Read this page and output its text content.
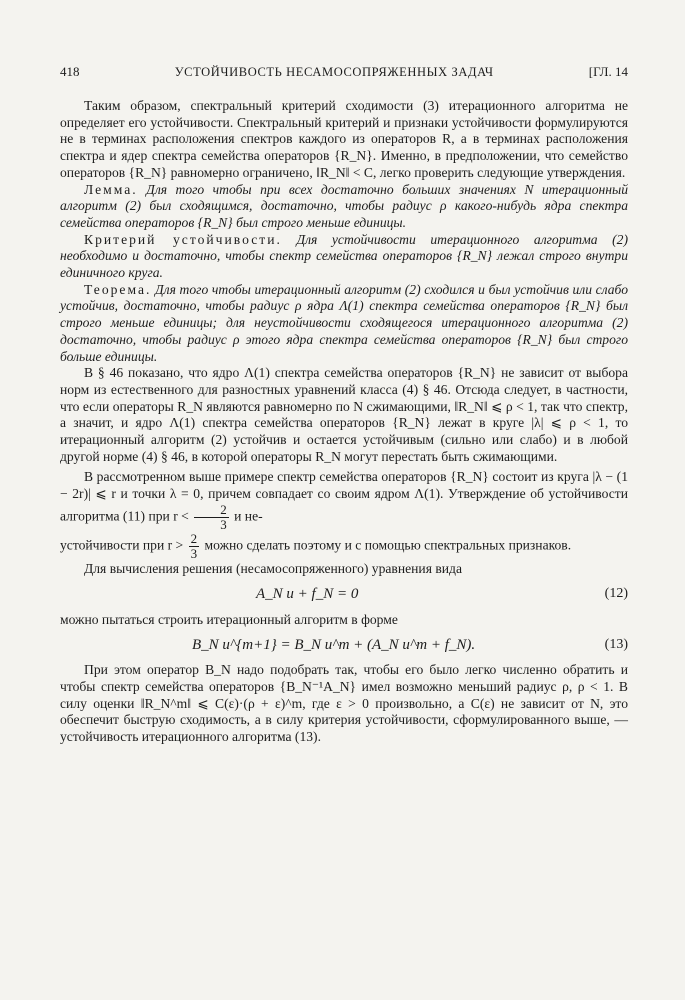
418	УСТОЙЧИВОСТЬ НЕСАМОСОПРЯЖЕННЫХ ЗАДАЧ	[ГЛ. 14

Таким образом, спектральный критерий сходимости (3) итерационного алгоритма не определяет его устойчивости. Спектральный критерий и признаки устойчивости формулируются не в терминах расположения спектров каждого из операторов R, а в терминах расположения спектра и ядер спектра семейства операторов {R_N}. Именно, в предположении, что семейство операторов {R_N} равномерно ограничено, ‖R_N‖ < C, легко проверить следующие утверждения.

Лемма. Для того чтобы при всех достаточно больших значениях N итерационный алгоритм (2) был сходящимся, достаточно, чтобы радиус ρ какого-нибудь ядра спектра семейства операторов {R_N} был строго меньше единицы.

Критерий устойчивости. Для устойчивости итерационного алгоритма (2) необходимо и достаточно, чтобы спектр семейства операторов {R_N} лежал строго внутри единичного круга.

Теорема. Для того чтобы итерационный алгоритм (2) сходился и был устойчив или слабо устойчив, достаточно, чтобы радиус ρ ядра Λ(1) спектра семейства операторов {R_N} был строго меньше единицы; для неустойчивости сходящегося итерационного алгоритма (2) достаточно, чтобы радиус ρ этого ядра спектра семейства операторов {R_N} был строго больше единицы.

В § 46 показано, что ядро Λ(1) спектра семейства операторов {R_N} не зависит от выбора норм из естественного для разностных уравнений класса (4) § 46. Отсюда следует, в частности, что если операторы R_N являются равномерно по N сжимающими, ‖R_N‖ ⩽ ρ < 1, так что спектр, а значит, и ядро Λ(1) спектра семейства операторов {R_N} лежат в круге |λ| ⩽ ρ < 1, то итерационный алгоритм (2) устойчив и остается устойчивым (сильно или слабо) и в любой другой норме (4) § 46, в которой операторы R_N могут перестать быть сжимающими.

В рассмотренном выше примере спектр семейства операторов {R_N} состоит из круга |λ − (1 − 2r)| ⩽ r и точки λ = 0, причем совпадает со своим ядром Λ(1). Утверждение об устойчивости алгоритма (11) при $r < \frac{2}{3}$ и не-

устойчивости при $r > \frac{2}{3}$ можно сделать поэтому и с помощью спектральных признаков.

Для вычисления решения (несамосопряженного) уравнения вида

A_N u + f_N = 0	(12)

можно пытаться строить итерационный алгоритм в форме

B_N u^{m+1} = B_N u^m + (A_N u^m + f_N).	(13)

При этом оператор B_N надо подобрать так, чтобы его было легко численно обратить и чтобы спектр семейства операторов {B_N⁻¹A_N} имел возможно меньший радиус ρ, ρ < 1. В силу оценки ‖R_N^m‖ ⩽ C(ε)·(ρ + ε)^m, где ε > 0 произвольно, а C(ε) не зависит от N, это обеспечит быструю сходимость, а в силу критерия устойчивости, сформулированного выше, — устойчивость итерационного алгоритма (13).
